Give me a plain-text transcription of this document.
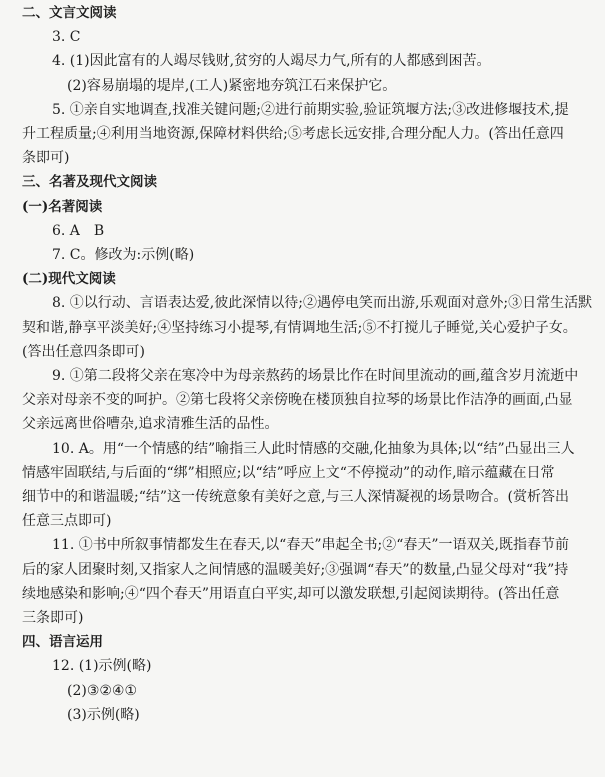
二、文言文阅读
3. C
4. (1)因此富有的人竭尽钱财,贫穷的人竭尽力气,所有的人都感到困苦。
(2)容易崩塌的堤岸,(工人)紧密地夯筑江石来保护它。
5. ①亲自实地调查,找准关键问题;②进行前期实验,验证筑堰方法;③改进修堰技术,提
升工程质量;④利用当地资源,保障材料供给;⑤考虑长远安排,合理分配人力。(答出任意四
条即可)
三、名著及现代文阅读
(一)名著阅读
6. A　B
7. C。修改为:示例(略)
(二)现代文阅读
8. ①以行动、言语表达爱,彼此深情以待;②遇停电笑而出游,乐观面对意外;③日常生活默
契和谐,静享平淡美好;④坚持练习小提琴,有情调地生活;⑤不打搅儿子睡觉,关心爱护子女。
(答出任意四条即可)
9. ①第二段将父亲在寒冷中为母亲熬药的场景比作在时间里流动的画,蕴含岁月流逝中
父亲对母亲不变的呵护。②第七段将父亲傍晚在楼顶独自拉琴的场景比作洁净的画面,凸显
父亲远离世俗嘈杂,追求清雅生活的品性。
10. A。用“一个情感的结”喻指三人此时情感的交融,化抽象为具体;以“结”凸显出三人
情感牢固联结,与后面的“绑”相照应;以“结”呼应上文“不停搅动”的动作,暗示蕴藏在日常
细节中的和谐温暖;“结”这一传统意象有美好之意,与三人深情凝视的场景吻合。(赏析答出
任意三点即可)
11. ①书中所叙事情都发生在春天,以“春天”串起全书;②“春天”一语双关,既指春节前
后的家人团聚时刻,又指家人之间情感的温暖美好;③强调“春天”的数量,凸显父母对“我”持
续地感染和影响;④“四个春天”用语直白平实,却可以激发联想,引起阅读期待。(答出任意
三条即可)
四、语言运用
12. (1)示例(略)
(2)③②④①
(3)示例(略)
